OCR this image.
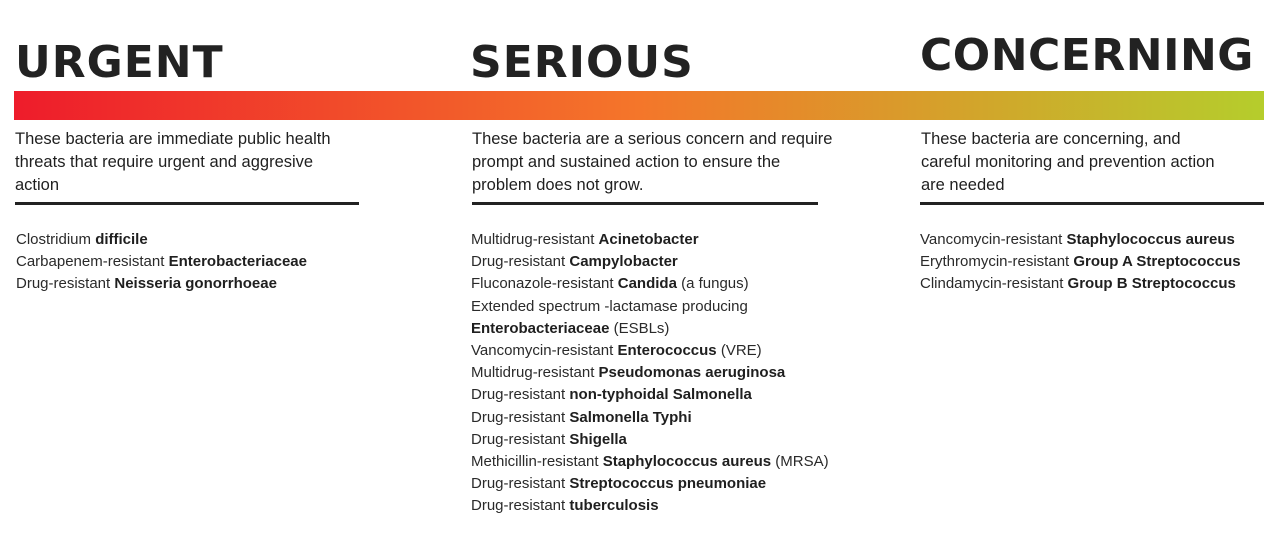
URGENT	SERIOUS	CONCERNING

These bacteria are immediate public health threats that require urgent and aggresive action

These bacteria are a serious concern and require prompt and sustained action to ensure the problem does not grow.

These bacteria are concerning, and careful monitoring and prevention action are needed

Clostridium difficile
Carbapenem-resistant Enterobacteriaceae
Drug-resistant Neisseria gonorrhoeae
Multidrug-resistant Acinetobacter
Drug-resistant Campylobacter
Fluconazole-resistant Candida (a fungus)
Extended spectrum -lactamase producing
Enterobacteriaceae (ESBLs)
Vancomycin-resistant Enterococcus (VRE)
Multidrug-resistant Pseudomonas aeruginosa
Drug-resistant non-typhoidal Salmonella
Drug-resistant Salmonella Typhi
Drug-resistant Shigella
Methicillin-resistant Staphylococcus aureus (MRSA)
Drug-resistant Streptococcus pneumoniae
Drug-resistant tuberculosis
Vancomycin-resistant Staphylococcus aureus
Erythromycin-resistant Group A Streptococcus
Clindamycin-resistant Group B Streptococcus
